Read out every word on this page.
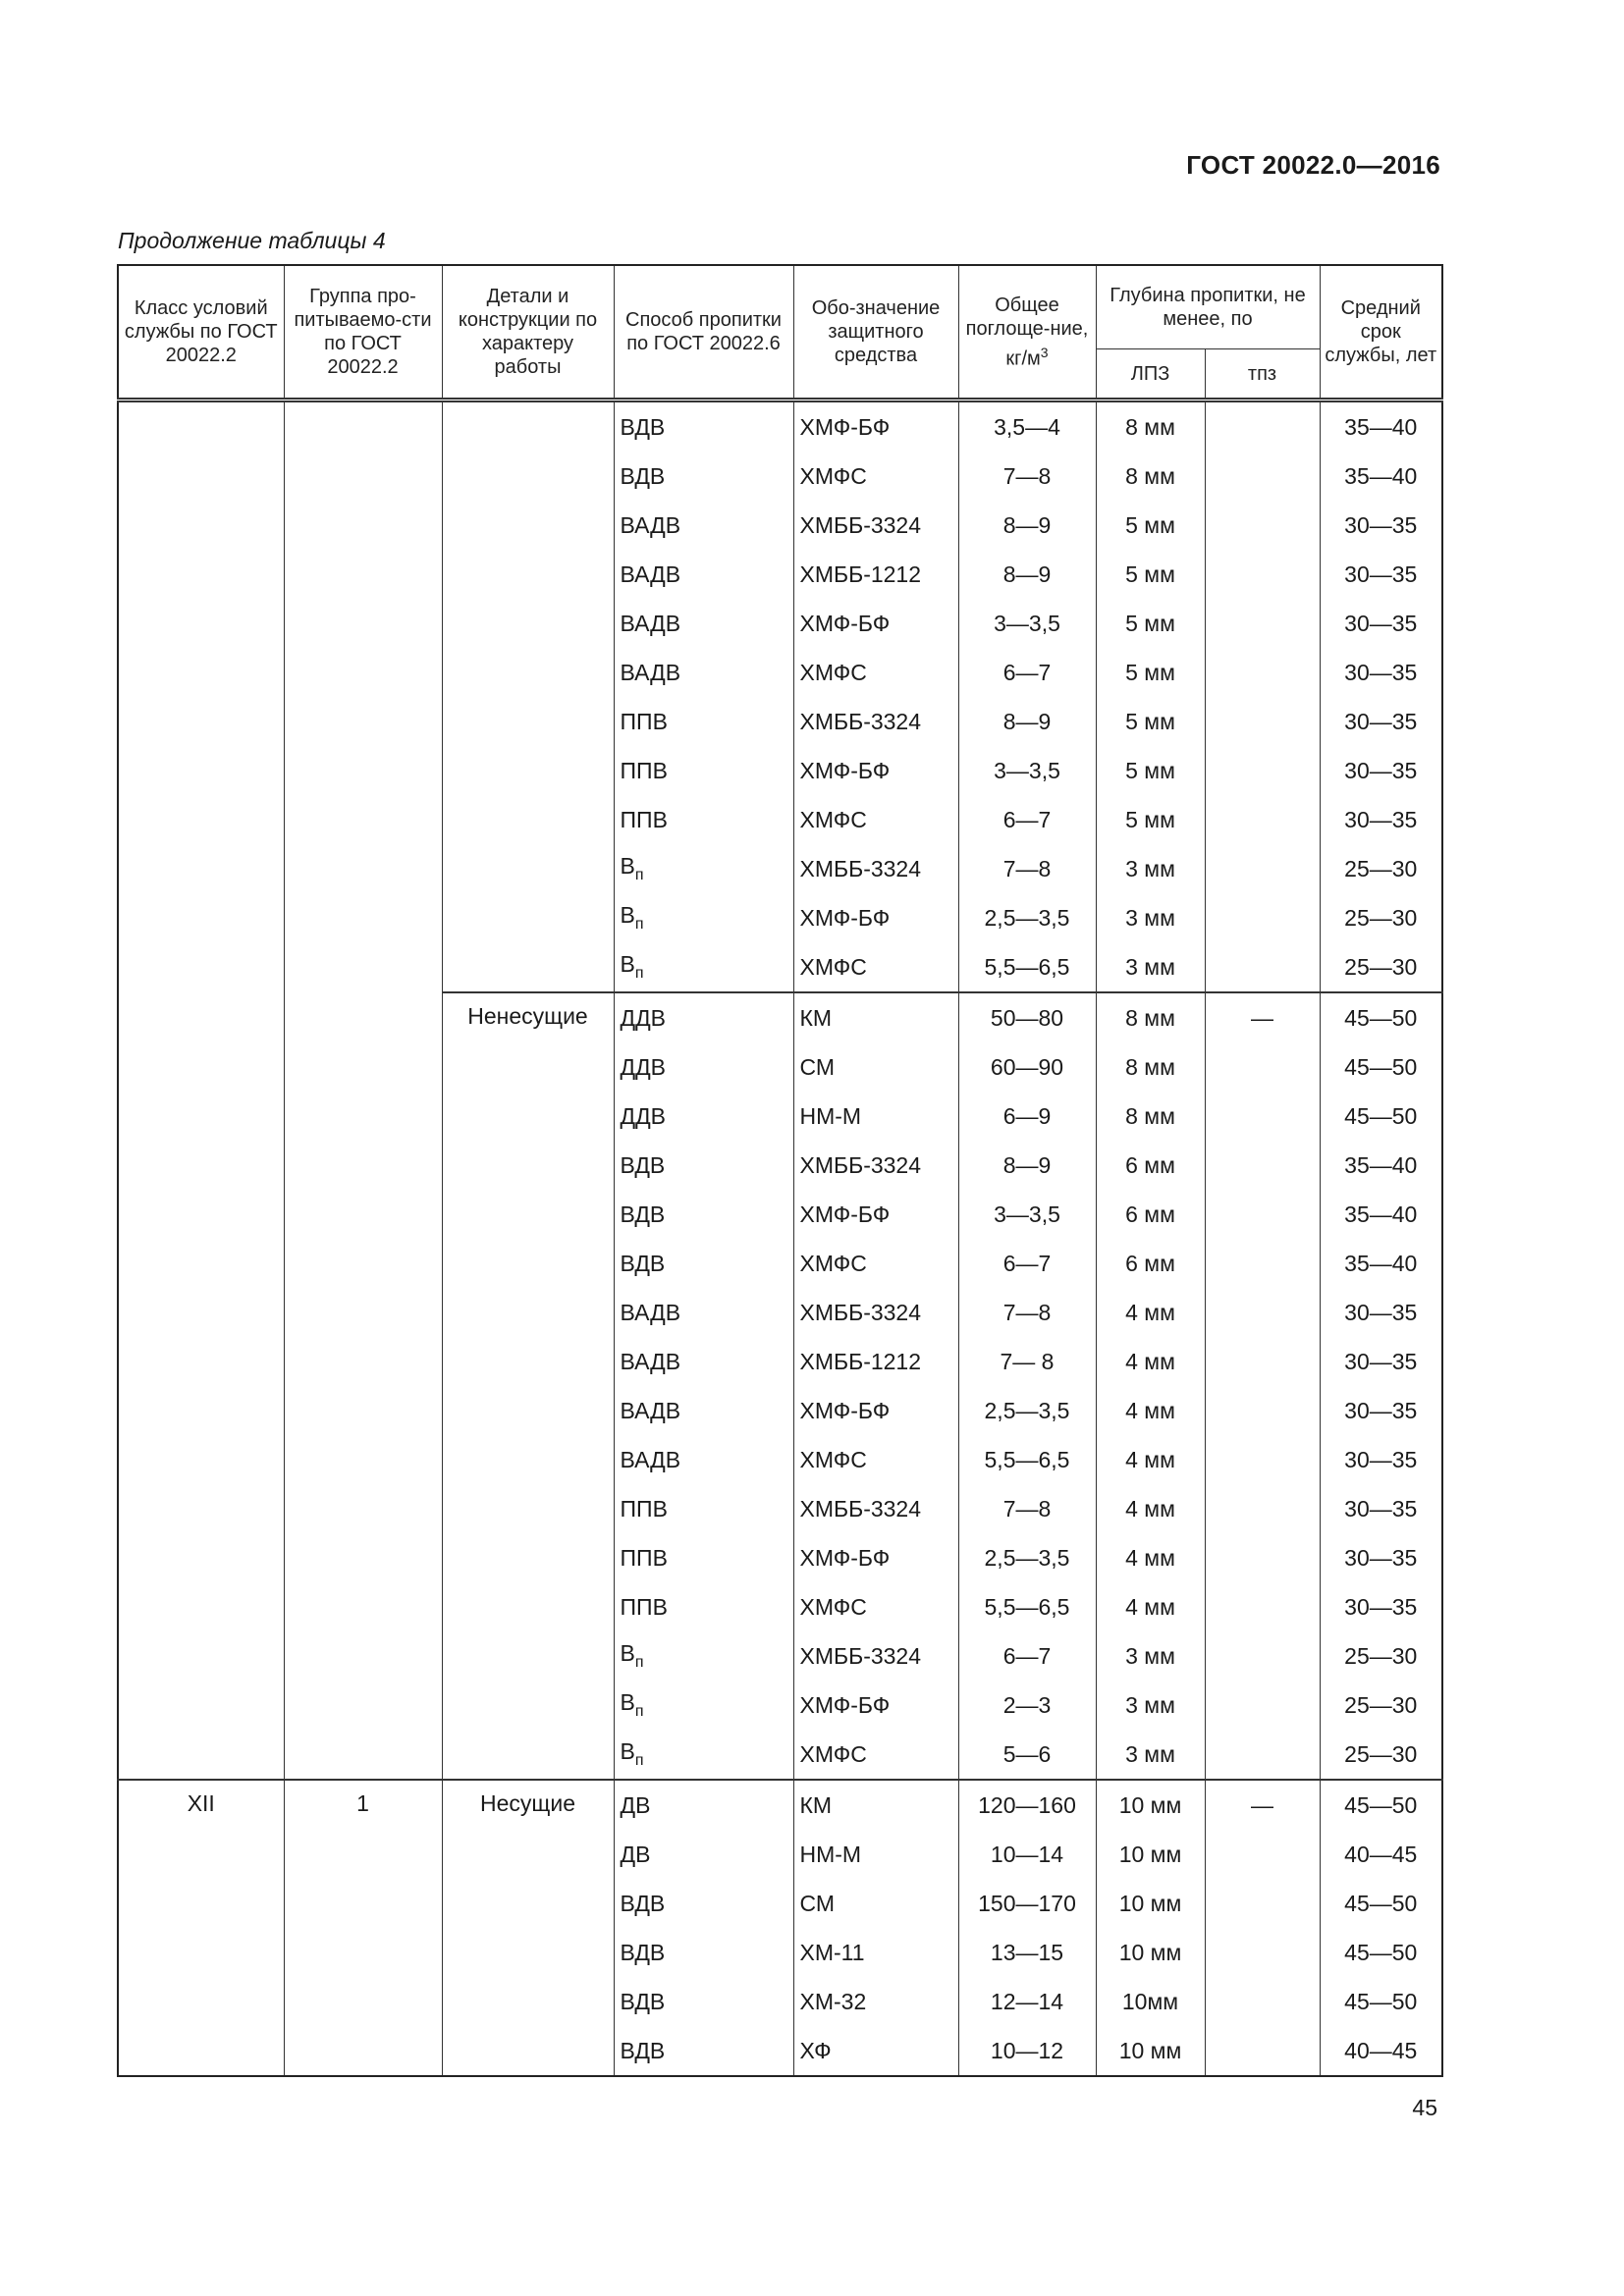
ГОСТ 20022.0—2016
Продолжение таблицы 4
Класс условий службы по ГОСТ 20022.2	Группа про-питываемо-сти по ГОСТ 20022.2	Детали и конструкции по характеру работы	Способ пропитки по ГОСТ 20022.6	Обо-значение защитного средства	Общее поглоще-ние, $кг/м^3$	Глубина пропитки, не менее, по		Средний срок службы, лет
						ЛПЗ	тпз	
			ВДВ	ХМФ-БФ	3,5—4	8 мм		35—40
			ВДВ	ХМФС	7—8	8 мм		35—40
			ВАДВ	ХМББ-3324	8—9	5 мм		30—35
			ВАДВ	ХМББ-1212	8—9	5 мм		30—35
			ВАДВ	ХМФ-БФ	3—3,5	5 мм		30—35
			ВАДВ	ХМФС	6—7	5 мм		30—35
			ППВ	ХМББ-3324	8—9	5 мм		30—35
			ППВ	ХМФ-БФ	3—3,5	5 мм		30—35
			ППВ	ХМФС	6—7	5 мм		30—35
			$В_п$	ХМББ-3324	7—8	3 мм		25—30
			$В_п$	ХМФ-БФ	2,5—3,5	3 мм		25—30
			$В_п$	ХМФС	5,5—6,5	3 мм		25—30
		Ненесущие	ДДВ	КМ	50—80	8 мм	—	45—50
			ДДВ	СМ	60—90	8 мм		45—50
			ДДВ	НМ-М	6—9	8 мм		45—50
			ВДВ	ХМББ-3324	8—9	6 мм		35—40
			ВДВ	ХМФ-БФ	3—3,5	6 мм		35—40
			ВДВ	ХМФС	6—7	6 мм		35—40
			ВАДВ	ХМББ-3324	7—8	4 мм		30—35
			ВАДВ	ХМББ-1212	7— 8	4 мм		30—35
			ВАДВ	ХМФ-БФ	2,5—3,5	4 мм		30—35
			ВАДВ	ХМФС	5,5—6,5	4 мм		30—35
			ППВ	ХМББ-3324	7—8	4 мм		30—35
			ППВ	ХМФ-БФ	2,5—3,5	4 мм		30—35
			ППВ	ХМФС	5,5—6,5	4 мм		30—35
			$В_п$	ХМББ-3324	6—7	3 мм		25—30
			$В_п$	ХМФ-БФ	2—3	3 мм		25—30
			$В_п$	ХМФС	5—6	3 мм		25—30
XII	1	Несущие	ДВ	КМ	120—160	10 мм	—	45—50
			ДВ	НМ-М	10—14	10 мм		40—45
			ВДВ	СМ	150—170	10 мм		45—50
			ВДВ	ХМ-11	13—15	10 мм		45—50
			ВДВ	ХМ-32	12—14	10мм		45—50
			ВДВ	ХФ	10—12	10 мм		40—45
45
